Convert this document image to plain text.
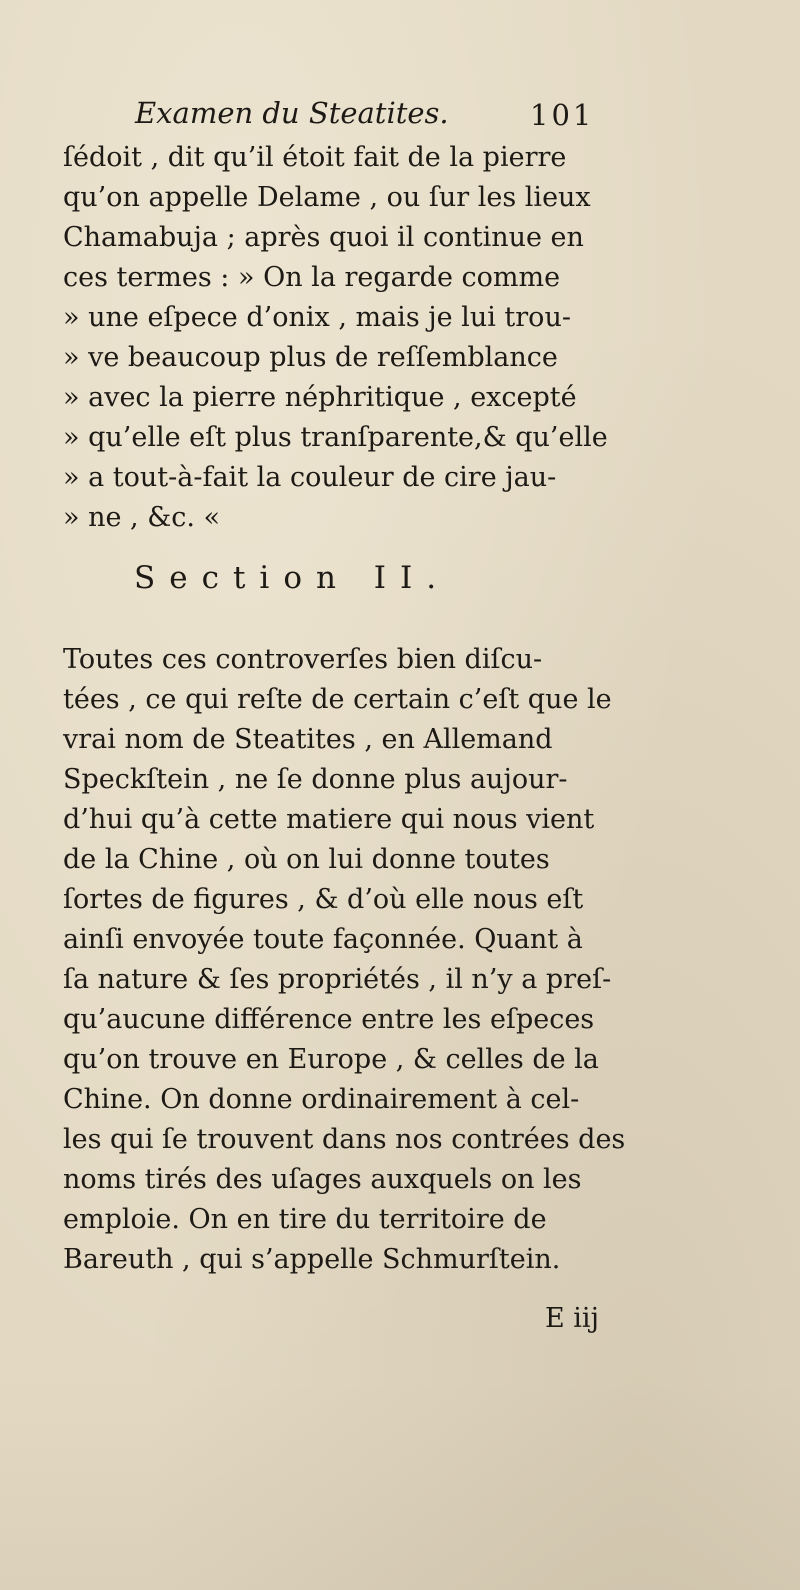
Examen du Steatites.	101
ſédoit , dit qu’il étoit fait de la pierre
qu’on appelle Delame , ou ſur les lieux
Chamabuja ; après quoi il continue en
ces termes : » On la regarde comme
» une eſpece d’onix , mais je lui trou-
» ve beaucoup plus de reſſemblance
» avec la pierre néphritique , excepté
» qu’elle eſt plus tranſparente,& qu’elle
» a tout-à-fait la couleur de cire jau-
» ne , &c. «
Section II.
Toutes ces controverſes bien diſcu-
tées , ce qui reſte de certain c’eſt que le
vrai nom de Steatites , en Allemand
Speckſtein , ne ſe donne plus aujour-
d’hui qu’à cette matiere qui nous vient
de la Chine , où on lui donne toutes
ſortes de figures , & d’où elle nous eſt
ainſi envoyée toute façonnée. Quant à
ſa nature & ſes propriétés , il n’y a preſ-
qu’aucune différence entre les eſpeces
qu’on trouve en Europe , & celles de la
Chine. On donne ordinairement à cel-
les qui ſe trouvent dans nos contrées des
noms tirés des uſages auxquels on les
emploie. On en tire du territoire de
Bareuth , qui s’appelle Schmurſtein.
E iij
